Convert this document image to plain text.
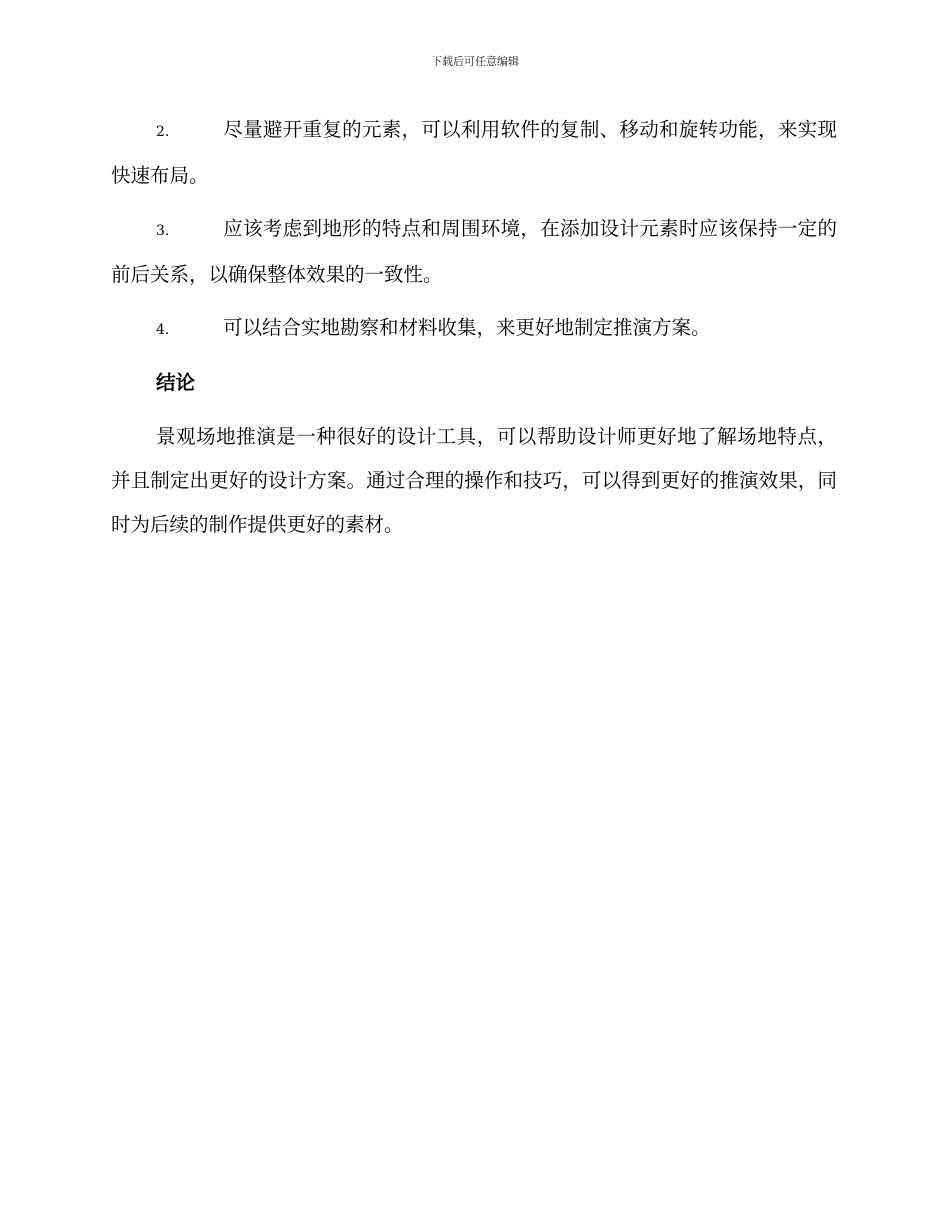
下载后可任意编辑
2.	尽量避开重复的元素，可以利用软件的复制、移动和旋转功能，来实现快速布局。
3.	应该考虑到地形的特点和周围环境，在添加设计元素时应该保持一定的前后关系，以确保整体效果的一致性。
4.	可以结合实地勘察和材料收集，来更好地制定推演方案。
结论

景观场地推演是一种很好的设计工具，可以帮助设计师更好地了解场地特点，并且制定出更好的设计方案。通过合理的操作和技巧，可以得到更好的推演效果，同时为后续的制作提供更好的素材。
